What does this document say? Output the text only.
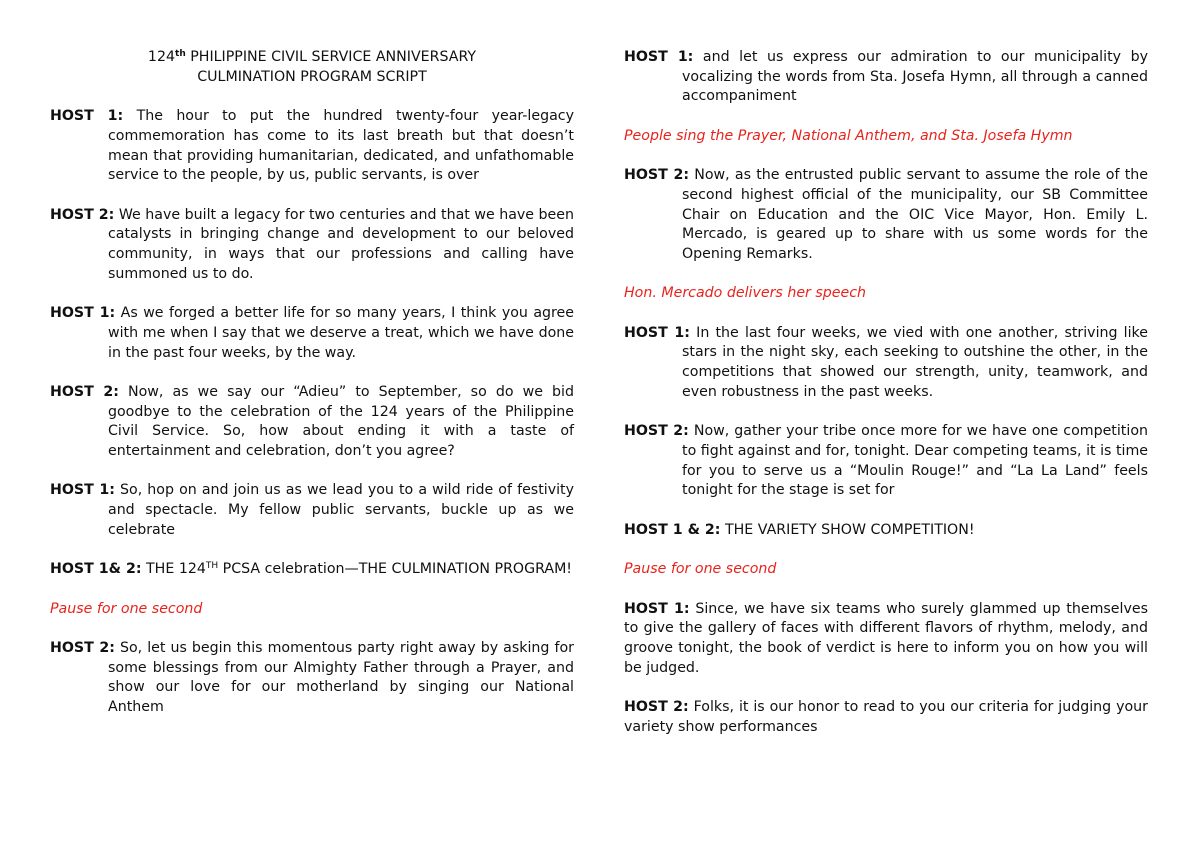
124th PHILIPPINE CIVIL SERVICE ANNIVERSARY
CULMINATION PROGRAM SCRIPT

HOST 1: The hour to put the hundred twenty-four year-legacy commemoration has come to its last breath but that doesn’t mean that providing humanitarian, dedicated, and unfathomable service to the people, by us, public servants, is over

HOST 2: We have built a legacy for two centuries and that we have been catalysts in bringing change and development to our beloved community, in ways that our professions and calling have summoned us to do.

HOST 1: As we forged a better life for so many years, I think you agree with me when I say that we deserve a treat, which we have done in the past four weeks, by the way.

HOST 2: Now, as we say our “Adieu” to September, so do we bid goodbye to the celebration of the 124 years of the Philippine Civil Service. So, how about ending it with a taste of entertainment and celebration, don’t you agree?

HOST 1: So, hop on and join us as we lead you to a wild ride of festivity and spectacle. My fellow public servants, buckle up as we celebrate

HOST 1& 2: THE 124TH PCSA celebration—THE CULMINATION PROGRAM!

Pause for one second

HOST 2: So, let us begin this momentous party right away by asking for some blessings from our Almighty Father through a Prayer, and show our love for our motherland by singing our National Anthem

HOST 1: and let us express our admiration to our municipality by vocalizing the words from Sta. Josefa Hymn, all through a canned accompaniment

People sing the Prayer, National Anthem, and Sta. Josefa Hymn

HOST 2: Now, as the entrusted public servant to assume the role of the second highest official of the municipality, our SB Committee Chair on Education and the OIC Vice Mayor, Hon. Emily L. Mercado, is geared up to share with us some words for the Opening Remarks.

Hon. Mercado delivers her speech

HOST 1: In the last four weeks, we vied with one another, striving like stars in the night sky, each seeking to outshine the other, in the competitions that showed our strength, unity, teamwork, and even robustness in the past weeks.

HOST 2: Now, gather your tribe once more for we have one competition to fight against and for, tonight. Dear competing teams, it is time for you to serve us a “Moulin Rouge!” and “La La Land” feels tonight for the stage is set for

HOST 1 & 2: THE VARIETY SHOW COMPETITION!

Pause for one second

HOST 1: Since, we have six teams who surely glammed up themselves to give the gallery of faces with different flavors of rhythm, melody, and groove tonight, the book of verdict is here to inform you on how you will be judged.

HOST 2: Folks, it is our honor to read to you our criteria for judging your variety show performances
